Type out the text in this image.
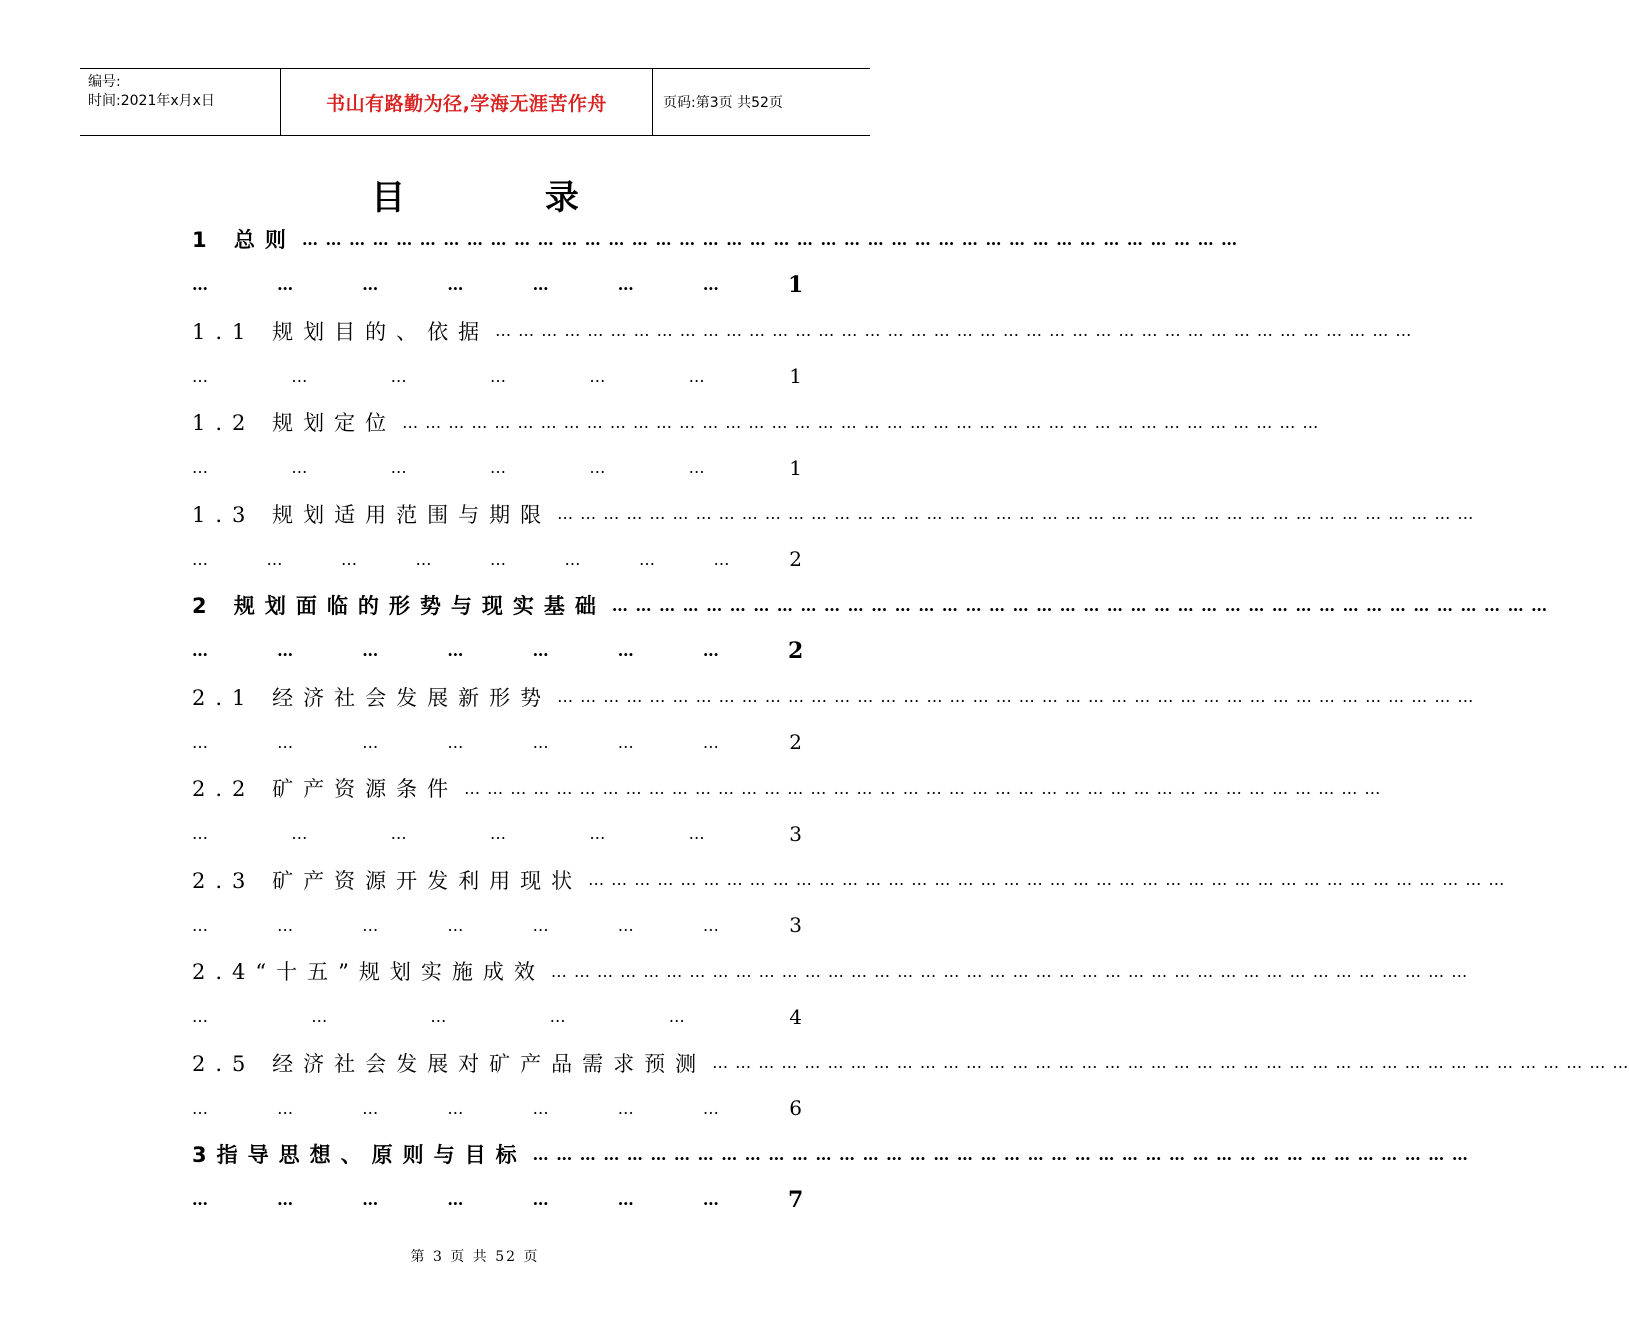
编号:
时间:2021年x月x日	书山有路勤为径,学海无涯苦作舟	页码:第3页 共52页
目 录
1 总则 … … … … … … … … … … … … … … … … … … … … … … … … … … … … … … … … … … … … … … … …
…	…	…	…	…	…	…	1
1.1 规划目的、依据 … … … … … … … … … … … … … … … … … … … … … … … … … … … … … … … … … … … … … … … …
…	…	…	…	…	…	1
1.2 规划定位 … … … … … … … … … … … … … … … … … … … … … … … … … … … … … … … … … … … … … … … …
…	…	…	…	…	…	1
1.3 规划适用范围与期限 … … … … … … … … … … … … … … … … … … … … … … … … … … … … … … … … … … … … … … … …
…	…	…	…	…	…	…	…	2
2 规划面临的形势与现实基础 … … … … … … … … … … … … … … … … … … … … … … … … … … … … … … … … … … … … … … … …
…	…	…	…	…	…	…	2
2.1 经济社会发展新形势 … … … … … … … … … … … … … … … … … … … … … … … … … … … … … … … … … … … … … … … …
…	…	…	…	…	…	…	2
2.2 矿产资源条件 … … … … … … … … … … … … … … … … … … … … … … … … … … … … … … … … … … … … … … … …
…	…	…	…	…	…	3
2.3 矿产资源开发利用现状 … … … … … … … … … … … … … … … … … … … … … … … … … … … … … … … … … … … … … … … …
…	…	…	…	…	…	…	3
2.4“十五”规划实施成效 … … … … … … … … … … … … … … … … … … … … … … … … … … … … … … … … … … … … … … … …
…	…	…	…	…	4
2.5 经济社会发展对矿产品需求预测 … … … … … … … … … … … … … … … … … … … … … … … … … … … … … … … … … … … … … … … …
…	…	…	…	…	…	…	6
3指导思想、原则与目标 … … … … … … … … … … … … … … … … … … … … … … … … … … … … … … … … … … … … … … … …
…	…	…	…	…	…	…	7
第 3 页 共 52 页
